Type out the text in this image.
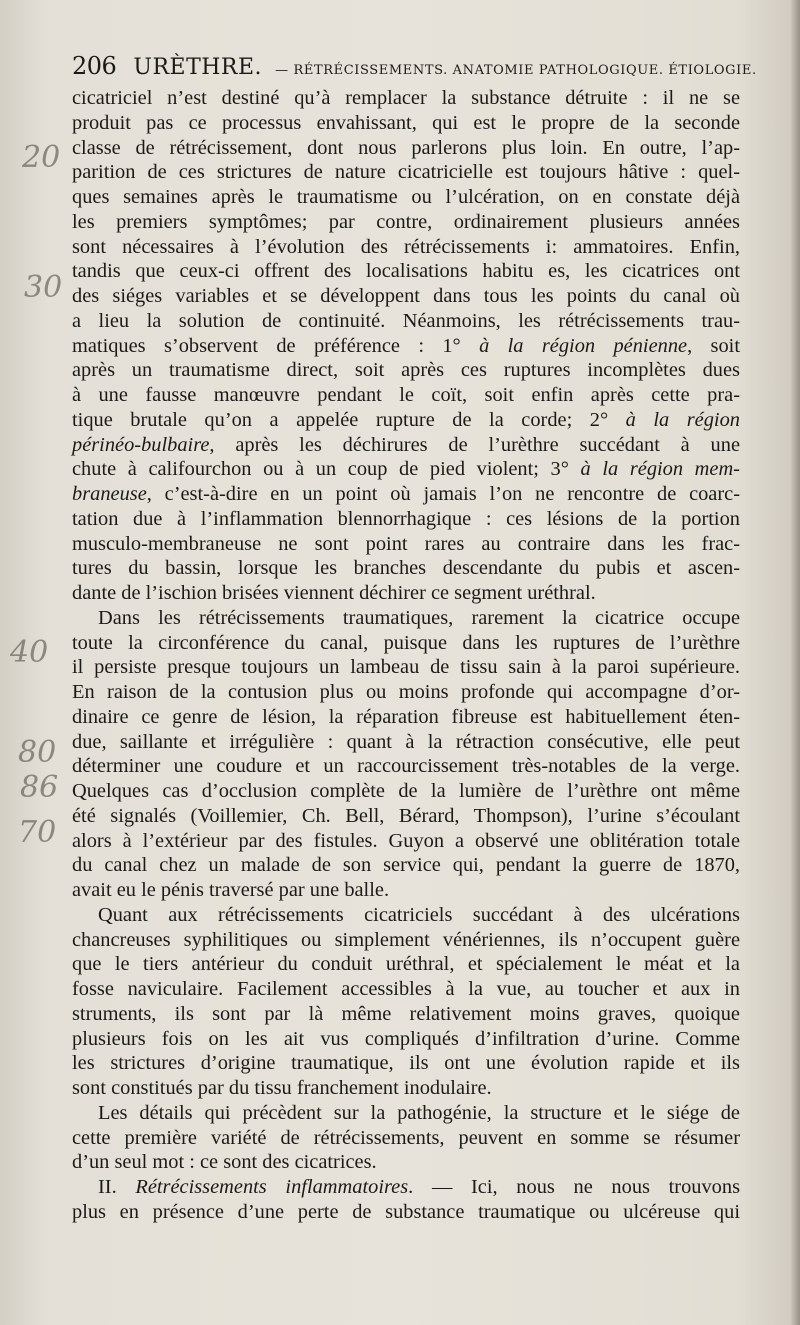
206 URÈTHRE. — RÉTRÉCISSEMENTS. ANATOMIE PATHOLOGIQUE. ÉTIOLOGIE.
cicatriciel n’est destiné qu’à remplacer la substance détruite : il ne se
produit pas ce processus envahissant, qui est le propre de la seconde
classe de rétrécissement, dont nous parlerons plus loin. En outre, l’ap-
parition de ces strictures de nature cicatricielle est toujours hâtive : quel-
ques semaines après le traumatisme ou l’ulcération, on en constate déjà
les premiers symptômes; par contre, ordinairement plusieurs années
sont nécessaires à l’évolution des rétrécissements i: ammatoires. Enfin,
tandis que ceux-ci offrent des localisations habitu es, les cicatrices ont
des siéges variables et se développent dans tous les points du canal où
a lieu la solution de continuité. Néanmoins, les rétrécissements trau-
matiques s’observent de préférence : 1° à la région pénienne, soit
après un traumatisme direct, soit après ces ruptures incomplètes dues
à une fausse manœuvre pendant le coït, soit enfin après cette pra-
tique brutale qu’on a appelée rupture de la corde; 2° à la région
périnéo-bulbaire, après les déchirures de l’urèthre succédant à une
chute à califourchon ou à un coup de pied violent; 3° à la région mem-
braneuse, c’est-à-dire en un point où jamais l’on ne rencontre de coarc-
tation due à l’inflammation blennorrhagique : ces lésions de la portion
musculo-membraneuse ne sont point rares au contraire dans les frac-
tures du bassin, lorsque les branches descendante du pubis et ascen-
dante de l’ischion brisées viennent déchirer ce segment uréthral.
Dans les rétrécissements traumatiques, rarement la cicatrice occupe
toute la circonférence du canal, puisque dans les ruptures de l’urèthre
il persiste presque toujours un lambeau de tissu sain à la paroi supérieure.
En raison de la contusion plus ou moins profonde qui accompagne d’or-
dinaire ce genre de lésion, la réparation fibreuse est habituellement éten-
due, saillante et irrégulière : quant à la rétraction consécutive, elle peut
déterminer une coudure et un raccourcissement très-notables de la verge.
Quelques cas d’occlusion complète de la lumière de l’urèthre ont même
été signalés (Voillemier, Ch. Bell, Bérard, Thompson), l’urine s’écoulant
alors à l’extérieur par des fistules. Guyon a observé une oblitération totale
du canal chez un malade de son service qui, pendant la guerre de 1870,
avait eu le pénis traversé par une balle.
Quant aux rétrécissements cicatriciels succédant à des ulcérations
chancreuses syphilitiques ou simplement vénériennes, ils n’occupent guère
que le tiers antérieur du conduit uréthral, et spécialement le méat et la
fosse naviculaire. Facilement accessibles à la vue, au toucher et aux in
struments, ils sont par là même relativement moins graves, quoique
plusieurs fois on les ait vus compliqués d’infiltration d’urine. Comme
les strictures d’origine traumatique, ils ont une évolution rapide et ils
sont constitués par du tissu franchement inodulaire.
Les détails qui précèdent sur la pathogénie, la structure et le siége de
cette première variété de rétrécissements, peuvent en somme se résumer
d’un seul mot : ce sont des cicatrices.
II. Rétrécissements inflammatoires. — Ici, nous ne nous trouvons
plus en présence d’une perte de substance traumatique ou ulcéreuse qui
20
30
40
80
86
70
